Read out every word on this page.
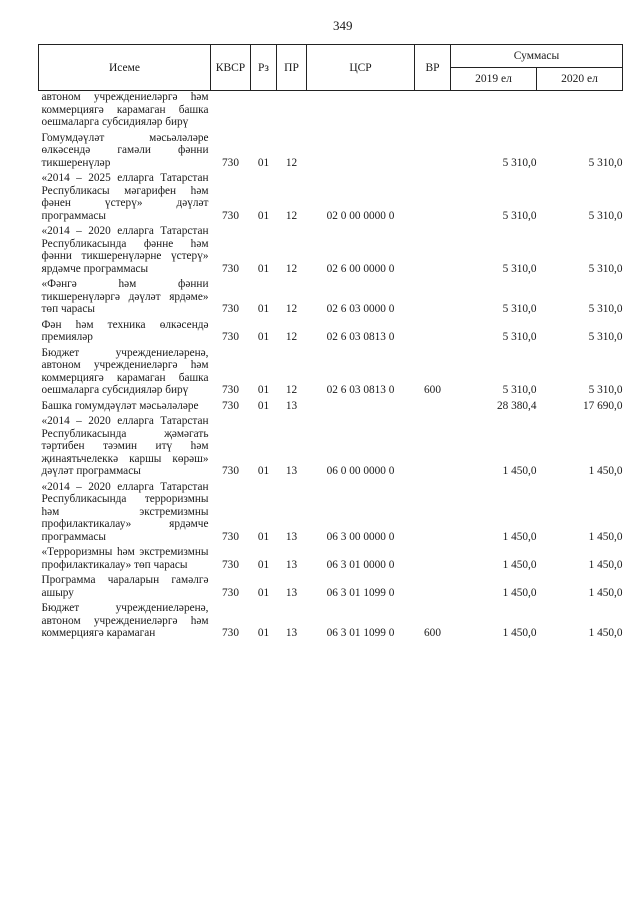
349
Исеме	КВСР	Рз	ПР	ЦСР	ВР	Суммасы	
						2019 ел	2020 ел
автоном учреждениеләргә һәм коммерциягә карамаган башка оешмаларга субсидияләр бирү							
Гомумдәүләт мәсьәләләре өлкәсендә гамәли фәнни тикшеренүләр	730	01	12			5 310,0	5 310,0
«2014 – 2025 елларга Татарстан Республикасы мәгарифен һәм фәнен үстерү» дәүләт программасы	730	01	12	02 0 00 0000 0		5 310,0	5 310,0
«2014 – 2020 елларга Татарстан Республикасында фәнне һәм фәнни тикшеренүләрне үстерү» ярдәмче программасы	730	01	12	02 6 00 0000 0		5 310,0	5 310,0
«Фәнгә һәм фәнни тикшеренүләргә дәүләт ярдәме» төп чарасы	730	01	12	02 6 03 0000 0		5 310,0	5 310,0
Фән һәм техника өлкәсендә премияләр	730	01	12	02 6 03 0813 0		5 310,0	5 310,0
Бюджет учреждениеләренә, автоном учреждениеләргә һәм коммерциягә карамаган башка оешмаларга субсидияләр бирү	730	01	12	02 6 03 0813 0	600	5 310,0	5 310,0
Башка гомумдәүләт мәсьәләләре	730	01	13			28 380,4	17 690,0
«2014 – 2020 елларга Татарстан Республикасында җәмәгать тәртибен тәэмин итү һәм җинаятьчелеккә каршы көрәш» дәүләт программасы	730	01	13	06 0 00 0000 0		1 450,0	1 450,0
«2014 – 2020 елларга Татарстан Республикасында терроризмны һәм экстремизмны профилактикалау» ярдәмче программасы	730	01	13	06 3 00 0000 0		1 450,0	1 450,0
«Терроризмны һәм экстремизмны профилактикалау» төп чарасы	730	01	13	06 3 01 0000 0		1 450,0	1 450,0
Программа чараларын гамәлгә ашыру	730	01	13	06 3 01 1099 0		1 450,0	1 450,0
Бюджет учреждениеләренә, автоном учреждениеләргә һәм коммерциягә карамаган	730	01	13	06 3 01 1099 0	600	1 450,0	1 450,0
